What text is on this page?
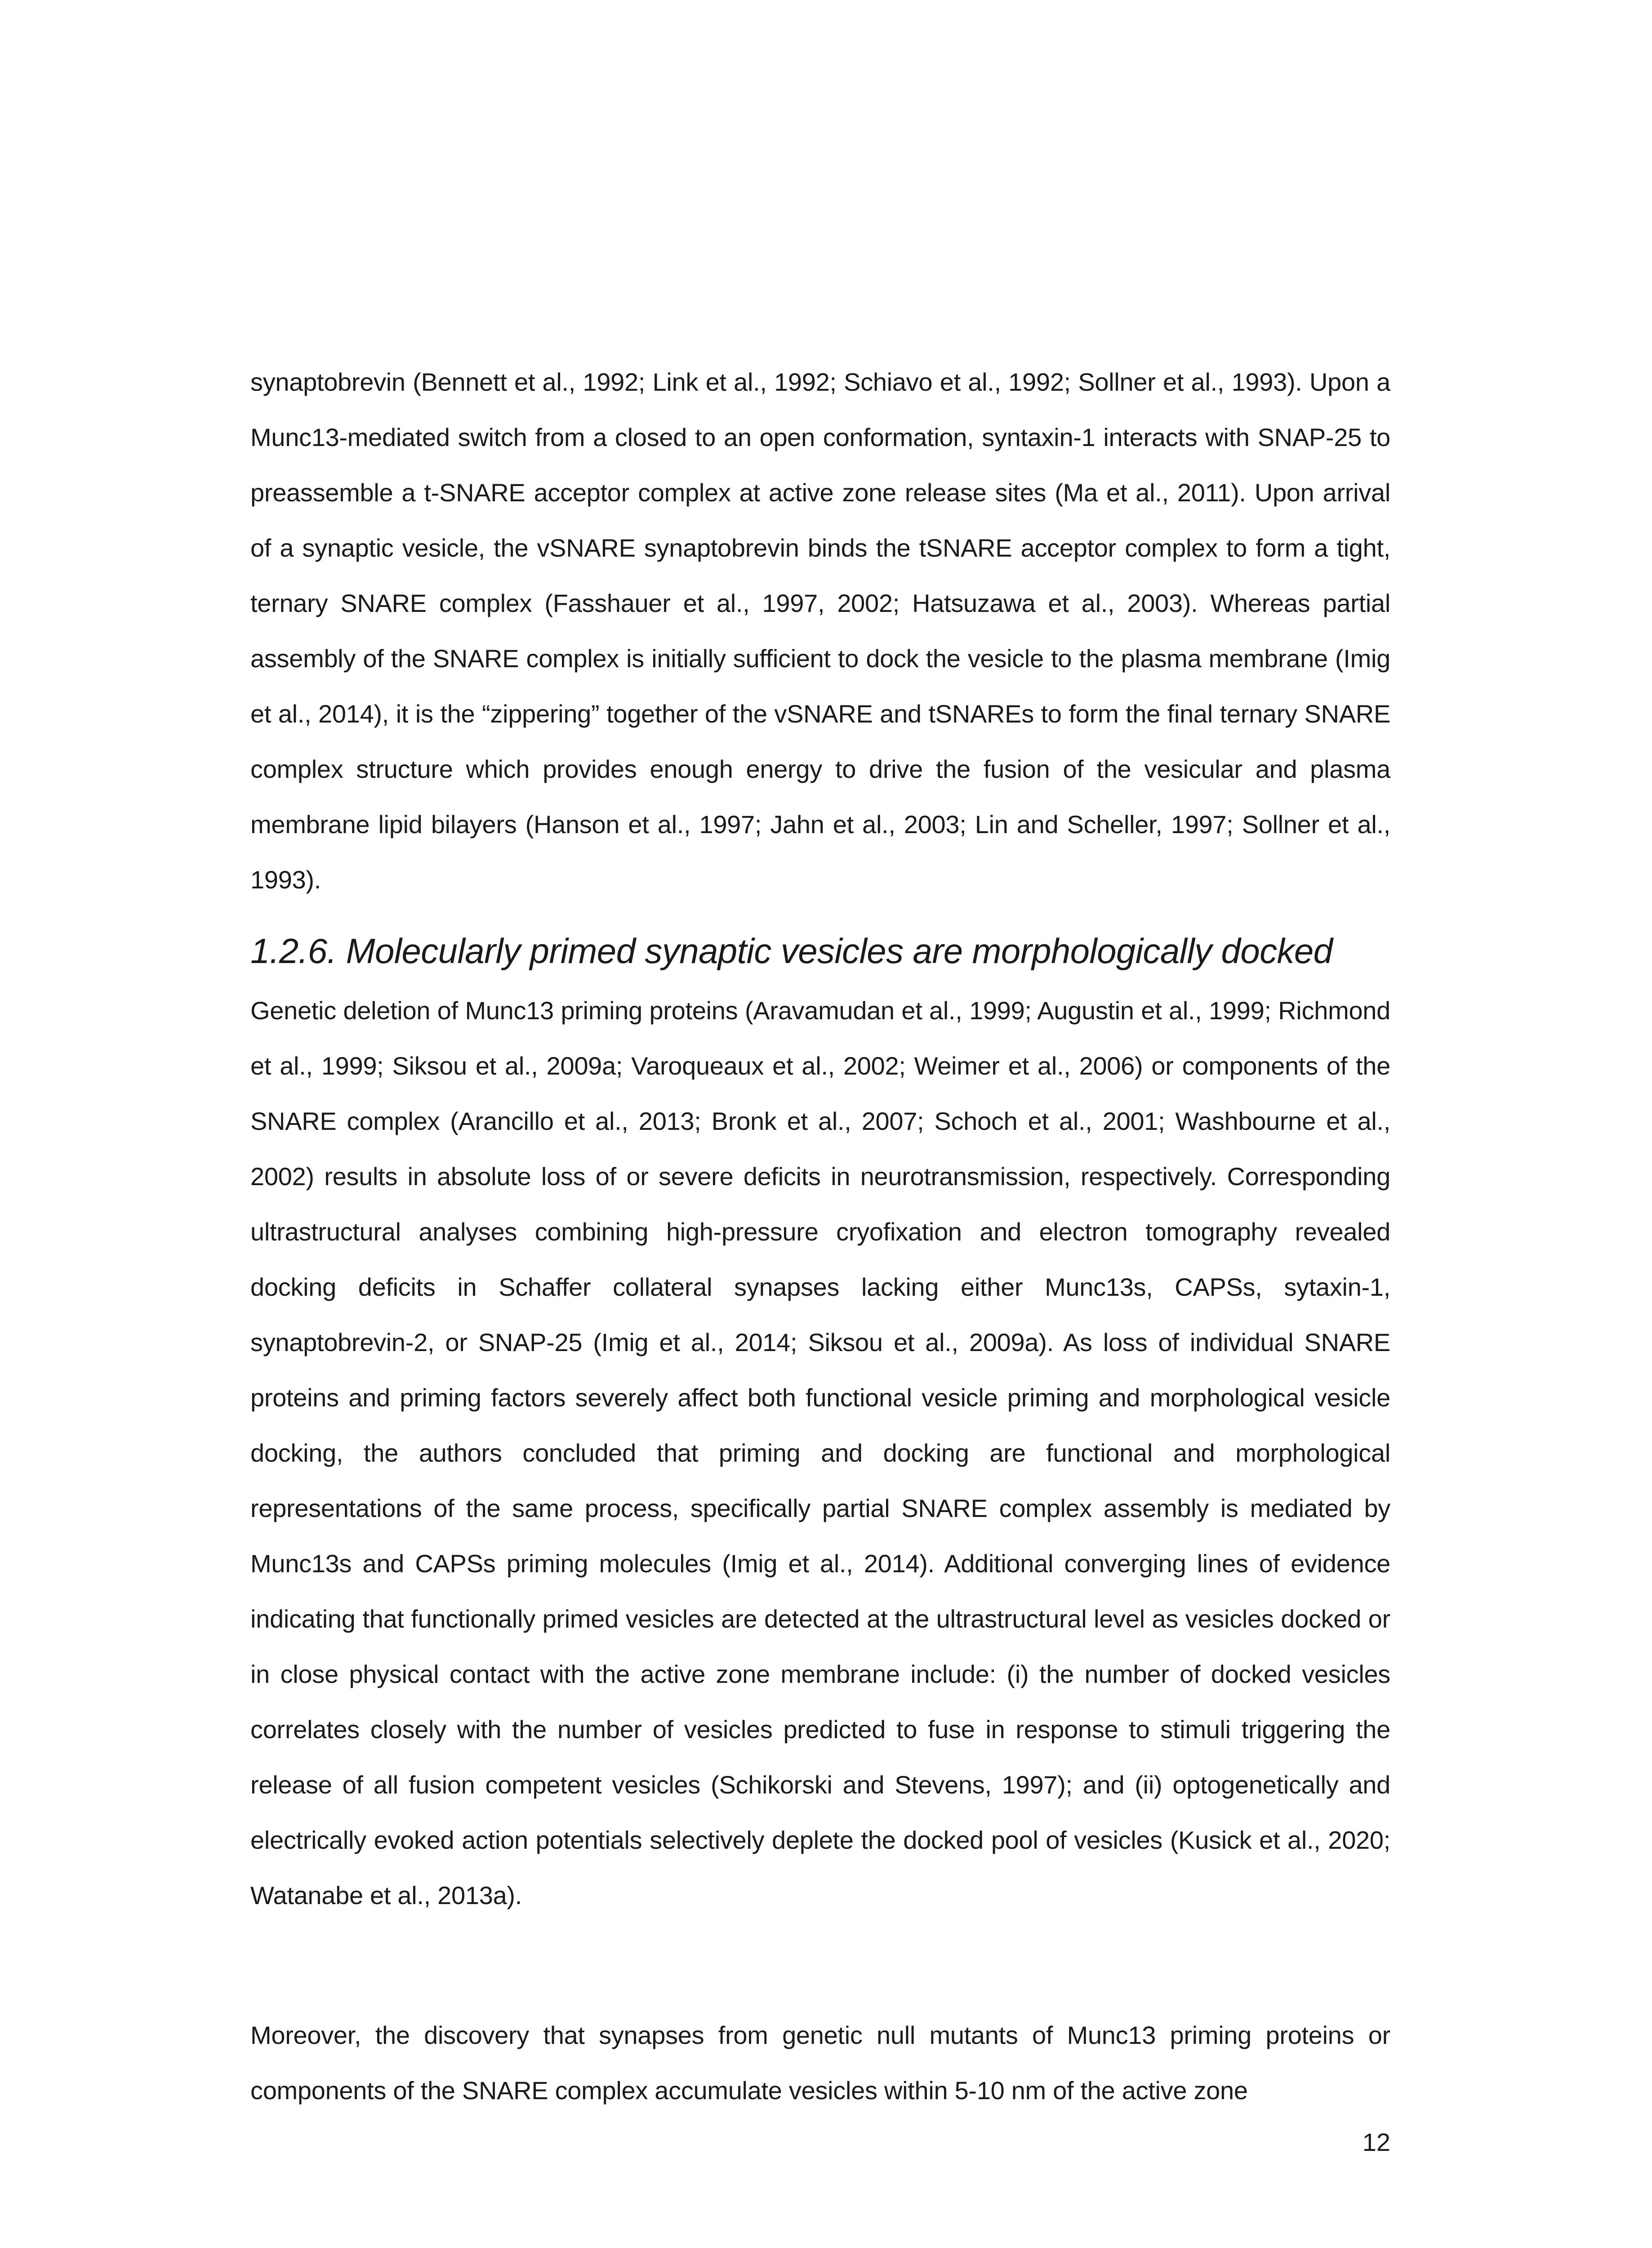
synaptobrevin (Bennett et al., 1992; Link et al., 1992; Schiavo et al., 1992; Sollner et al., 1993). Upon a Munc13-mediated switch from a closed to an open conformation, syntaxin-1 interacts with SNAP-25 to preassemble a t-SNARE acceptor complex at active zone release sites (Ma et al., 2011). Upon arrival of a synaptic vesicle, the vSNARE synaptobrevin binds the tSNARE acceptor complex to form a tight, ternary SNARE complex (Fasshauer et al., 1997, 2002; Hatsuzawa et al., 2003). Whereas partial assembly of the SNARE complex is initially sufficient to dock the vesicle to the plasma membrane (Imig et al., 2014), it is the “zippering” together of the vSNARE and tSNAREs to form the final ternary SNARE complex structure which provides enough energy to drive the fusion of the vesicular and plasma membrane lipid bilayers (Hanson et al., 1997; Jahn et al., 2003; Lin and Scheller, 1997; Sollner et al., 1993).

1.2.6. Molecularly primed synaptic vesicles are morphologically docked

Genetic deletion of Munc13 priming proteins (Aravamudan et al., 1999; Augustin et al., 1999; Richmond et al., 1999; Siksou et al., 2009a; Varoqueaux et al., 2002; Weimer et al., 2006) or components of the SNARE complex (Arancillo et al., 2013; Bronk et al., 2007; Schoch et al., 2001; Washbourne et al., 2002) results in absolute loss of or severe deficits in neurotransmission, respectively. Corresponding ultrastructural analyses combining high-pressure cryofixation and electron tomography revealed docking deficits in Schaffer collateral synapses lacking either Munc13s, CAPSs, sytaxin-1, synaptobrevin-2, or SNAP-25 (Imig et al., 2014; Siksou et al., 2009a). As loss of individual SNARE proteins and priming factors severely affect both functional vesicle priming and morphological vesicle docking, the authors concluded that priming and docking are functional and morphological representations of the same process, specifically partial SNARE complex assembly is mediated by Munc13s and CAPSs priming molecules (Imig et al., 2014). Additional converging lines of evidence indicating that functionally primed vesicles are detected at the ultrastructural level as vesicles docked or in close physical contact with the active zone membrane include: (i) the number of docked vesicles correlates closely with the number of vesicles predicted to fuse in response to stimuli triggering the release of all fusion competent vesicles (Schikorski and Stevens, 1997); and (ii) optogenetically and electrically evoked action potentials selectively deplete the docked pool of vesicles (Kusick et al., 2020; Watanabe et al., 2013a).

Moreover, the discovery that synapses from genetic null mutants of Munc13 priming proteins or components of the SNARE complex accumulate vesicles within 5-10 nm of the active zone

12
